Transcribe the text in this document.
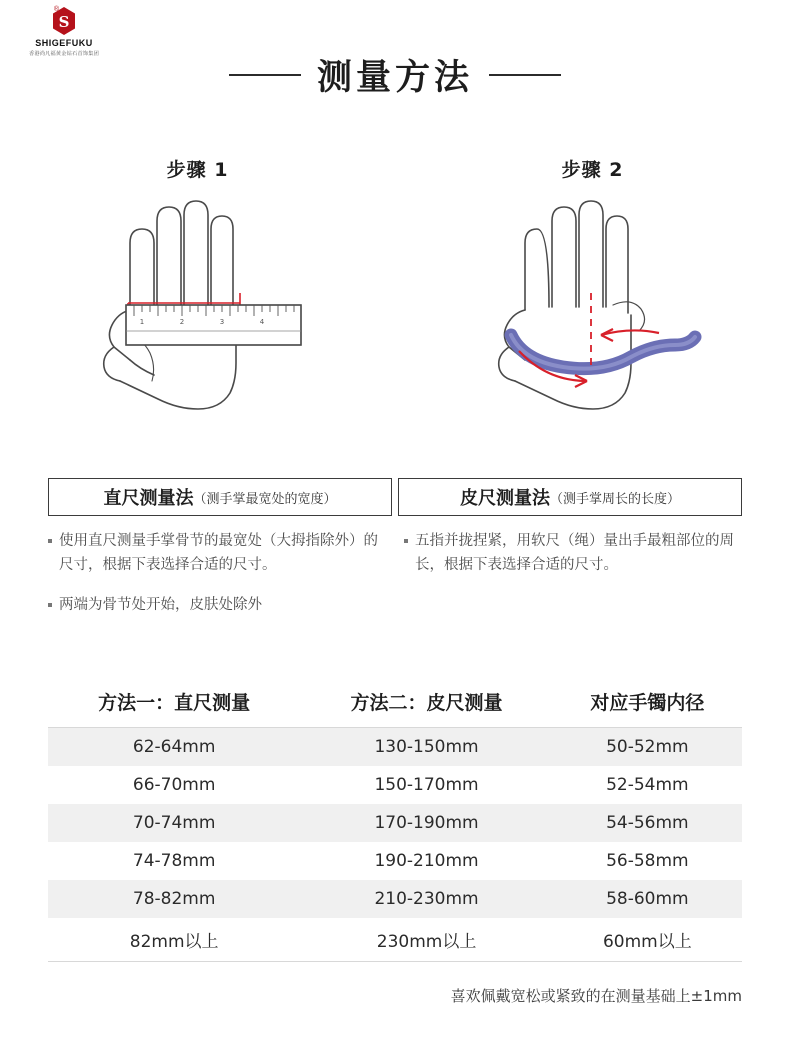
S
®
SHIGEFUKU
香港尚凡福黄金钻石首饰集团
测量方法
步骤 1	步骤 2
1	2	3	4
直尺测量法 （测手掌最宽处的宽度）	皮尺测量法 （测手掌周长的长度）
使用直尺测量手掌骨节的最宽处（大拇指除外）的尺寸，根据下表选择合适的尺寸。
两端为骨节处开始，皮肤处除外
五指并拢捏紧，用软尺（绳）量出手最粗部位的周长，根据下表选择合适的尺寸。
方法一：直尺测量	方法二：皮尺测量	对应手镯内径
62-64mm	130-150mm	50-52mm
66-70mm	150-170mm	52-54mm
70-74mm	170-190mm	54-56mm
74-78mm	190-210mm	56-58mm
78-82mm	210-230mm	58-60mm
82mm以上	230mm以上	60mm以上
喜欢佩戴宽松或紧致的在测量基础上±1mm
